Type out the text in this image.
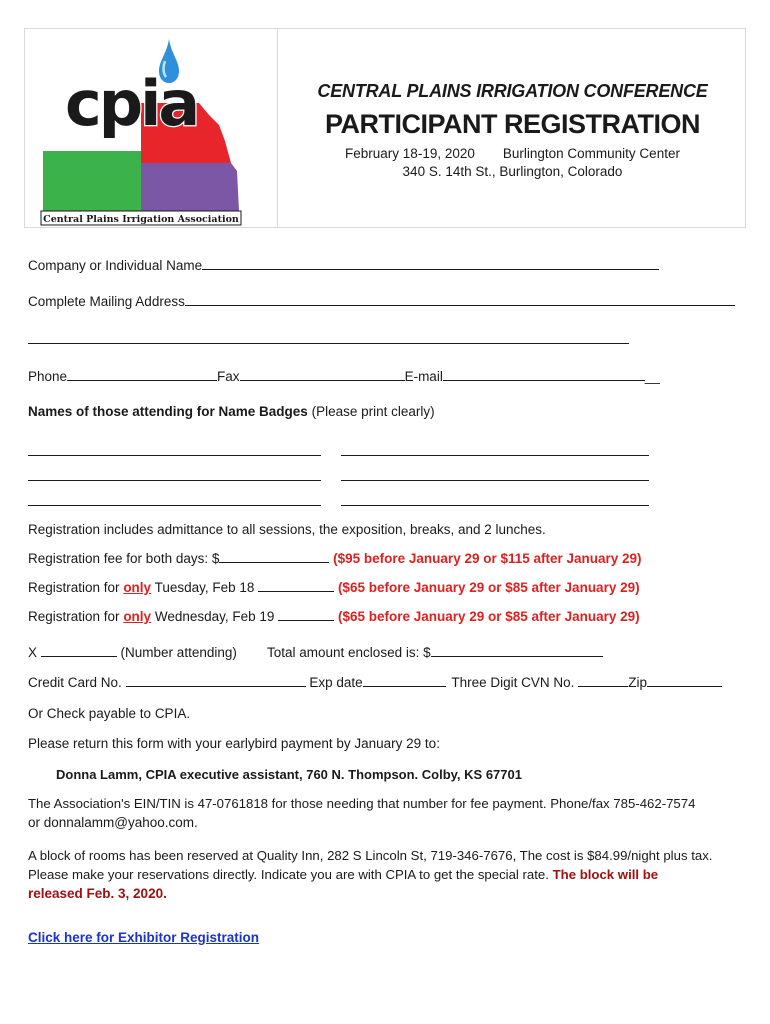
cpia
Central Plains Irrigation Association
CENTRAL PLAINS IRRIGATION CONFERENCE
PARTICIPANT REGISTRATION
February 18-19, 2020 Burlington Community Center
340 S. 14th St., Burlington, Colorado
Company or Individual Name
Complete Mailing Address
Phone	Fax	E-mail	__
Names of those attending for Name Badges (Please print clearly)
Registration includes admittance to all sessions, the exposition, breaks, and 2 lunches.
Registration fee for both days: $	($95 before January 29 or $115 after January 29)
Registration for only Tuesday, Feb 18	($65 before January 29 or $85 after January 29)
Registration for only Wednesday, Feb 19	($65 before January 29 or $85 after January 29)
X	(Number attending) Total amount enclosed is: $
Credit Card No.	Exp date	Three Digit CVN No.	Zip
Or Check payable to CPIA.
Please return this form with your earlybird payment by January 29 to:
Donna Lamm, CPIA executive assistant, 760 N. Thompson. Colby, KS 67701
The Association's EIN/TIN is 47-0761818 for those needing that number for fee payment. Phone/fax 785-462-7574
or donnalamm@yahoo.com.
A block of rooms has been reserved at Quality Inn, 282 S Lincoln St, 719-346-7676, The cost is $84.99/night plus tax.
Please make your reservations directly. Indicate you are with CPIA to get the special rate. The block will be
released Feb. 3, 2020.
Click here for Exhibitor Registration
